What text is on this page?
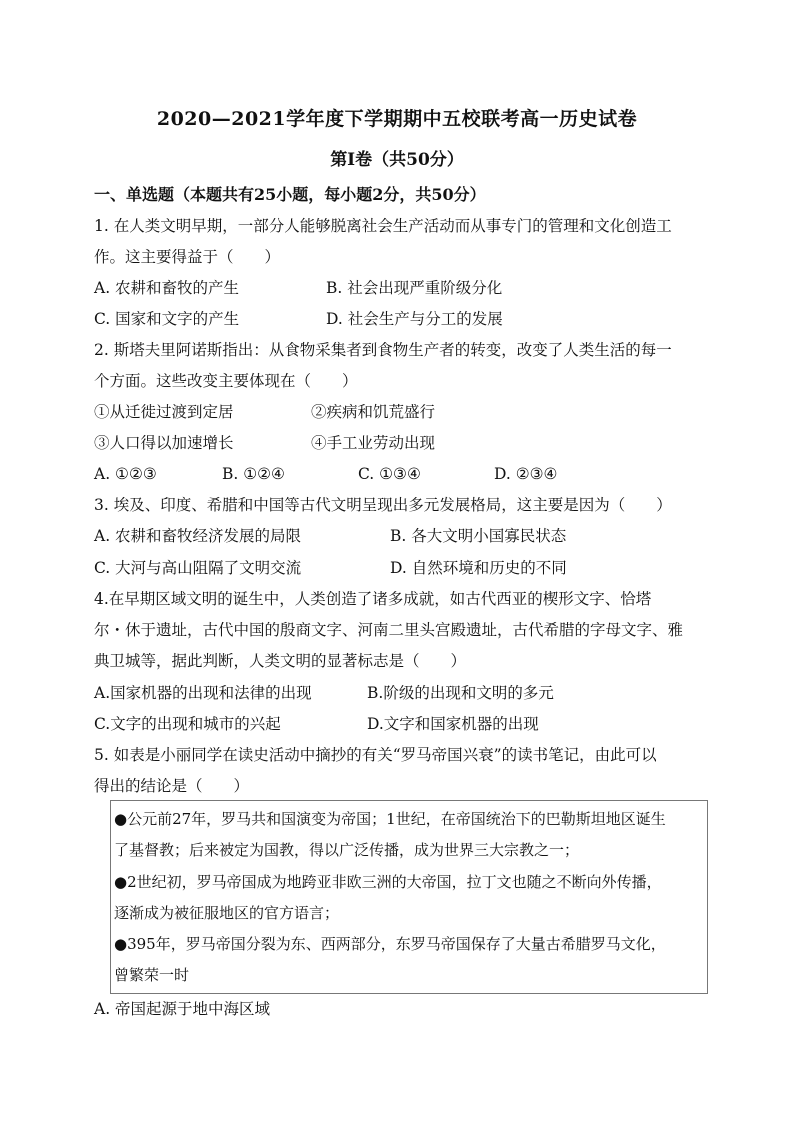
2020—2021学年度下学期期中五校联考高一历史试卷
第Ⅰ卷（共50分）
一、单选题（本题共有25小题，每小题2分，共50分）
1. 在人类文明早期，一部分人能够脱离社会生产活动而从事专门的管理和文化创造工
作。这主要得益于（　　）
A. 农耕和畜牧的产生	B. 社会出现严重阶级分化
C. 国家和文字的产生	D. 社会生产与分工的发展
2. 斯塔夫里阿诺斯指出：从食物采集者到食物生产者的转变，改变了人类生活的每一
个方面。这些改变主要体现在（　　）
①从迁徙过渡到定居	②疾病和饥荒盛行
③人口得以加速增长	④手工业劳动出现
A. ①②③	B. ①②④	C. ①③④	D. ②③④
3. 埃及、印度、希腊和中国等古代文明呈现出多元发展格局，这主要是因为（　　）
A. 农耕和畜牧经济发展的局限	B. 各大文明小国寡民状态
C. 大河与高山阻隔了文明交流	D. 自然环境和历史的不同
4.在早期区域文明的诞生中，人类创造了诸多成就，如古代西亚的楔形文字、恰塔
尔・休于遗址，古代中国的殷商文字、河南二里头宫殿遗址，古代希腊的字母文字、雅
典卫城等，据此判断，人类文明的显著标志是（　　）
A.国家机器的出现和法律的出现	B.阶级的出现和文明的多元
C.文字的出现和城市的兴起	D.文字和国家机器的出现
5. 如表是小丽同学在读史活动中摘抄的有关“罗马帝国兴衰”的读书笔记，由此可以
得出的结论是（　　）
●公元前27年，罗马共和国演变为帝国；1世纪，在帝国统治下的巴勒斯坦地区诞生
了基督教；后来被定为国教，得以广泛传播，成为世界三大宗教之一；
●2世纪初，罗马帝国成为地跨亚非欧三洲的大帝国，拉丁文也随之不断向外传播，
逐渐成为被征服地区的官方语言；
●395年，罗马帝国分裂为东、西两部分，东罗马帝国保存了大量古希腊罗马文化，
曾繁荣一时
A. 帝国起源于地中海区域
